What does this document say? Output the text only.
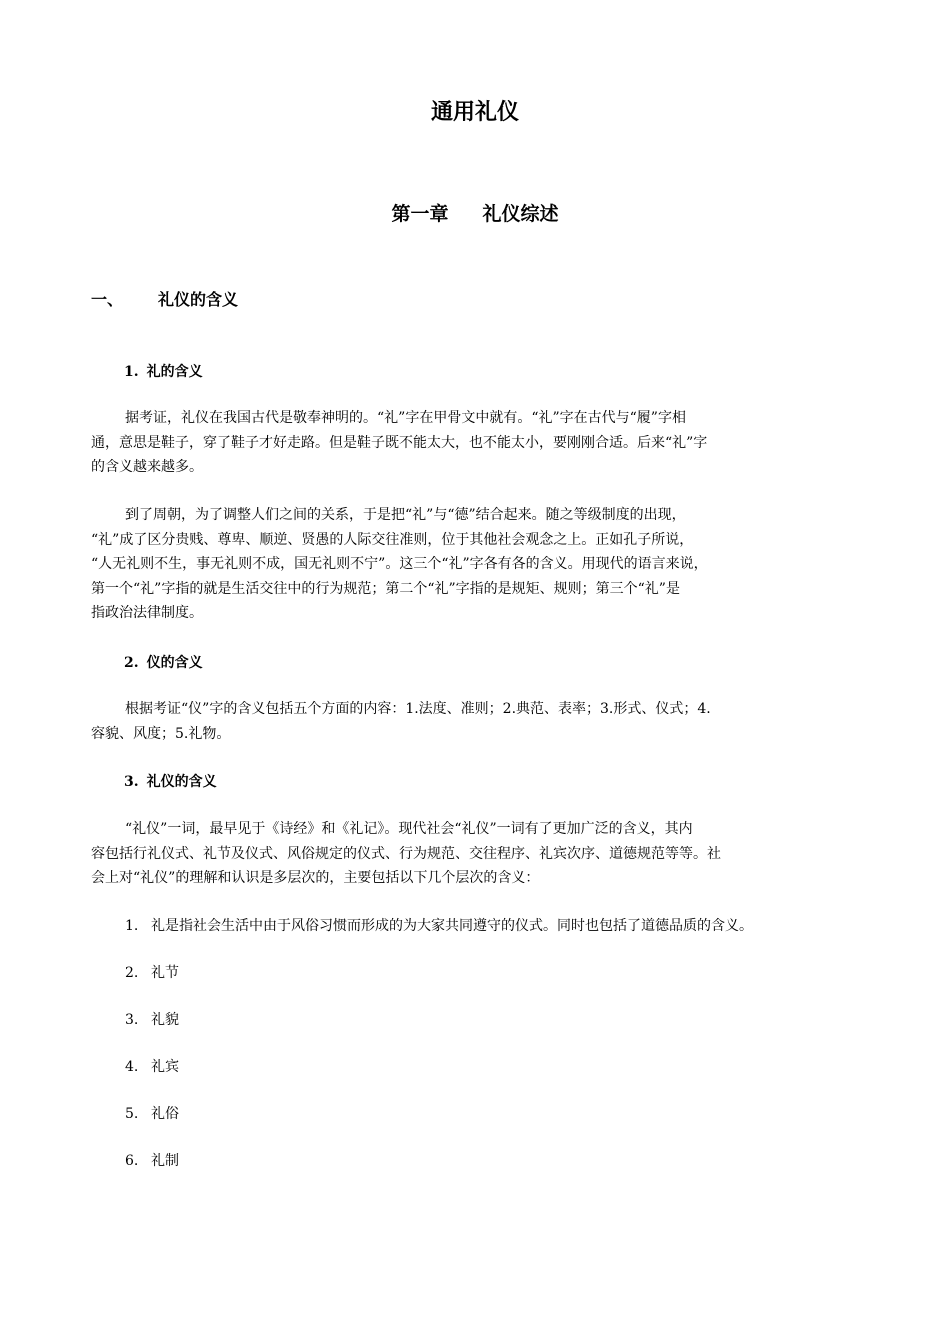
通用礼仪
第一章 礼仪综述
一、 礼仪的含义
1. 礼的含义

据考证，礼仪在我国古代是敬奉神明的。“礼”字在甲骨文中就有。“礼”字在古代与“履”字相
通，意思是鞋子，穿了鞋子才好走路。但是鞋子既不能太大，也不能太小，要刚刚合适。后来“礼”字
的含义越来越多。

到了周朝，为了调整人们之间的关系，于是把“礼”与“德”结合起来。随之等级制度的出现，
“礼”成了区分贵贱、尊卑、顺逆、贤愚的人际交往准则，位于其他社会观念之上。正如孔子所说，
“人无礼则不生，事无礼则不成，国无礼则不宁”。这三个“礼”字各有各的含义。用现代的语言来说，
第一个“礼”字指的就是生活交往中的行为规范；第二个“礼”字指的是规矩、规则；第三个“礼”是
指政治法律制度。

2. 仪的含义

根据考证“仪”字的含义包括五个方面的内容：1.法度、准则；2.典范、表率；3.形式、仪式；4.
容貌、风度；5.礼物。

3. 礼仪的含义

“礼仪”一词，最早见于《诗经》和《礼记》。现代社会“礼仪”一词有了更加广泛的含义，其内
容包括行礼仪式、礼节及仪式、风俗规定的仪式、行为规范、交往程序、礼宾次序、道德规范等等。社
会上对“礼仪”的理解和认识是多层次的，主要包括以下几个层次的含义：

1. 礼是指社会生活中由于风俗习惯而形成的为大家共同遵守的仪式。同时也包括了道德品质的含义。
2. 礼节
3. 礼貌
4. 礼宾
5. 礼俗
6. 礼制
